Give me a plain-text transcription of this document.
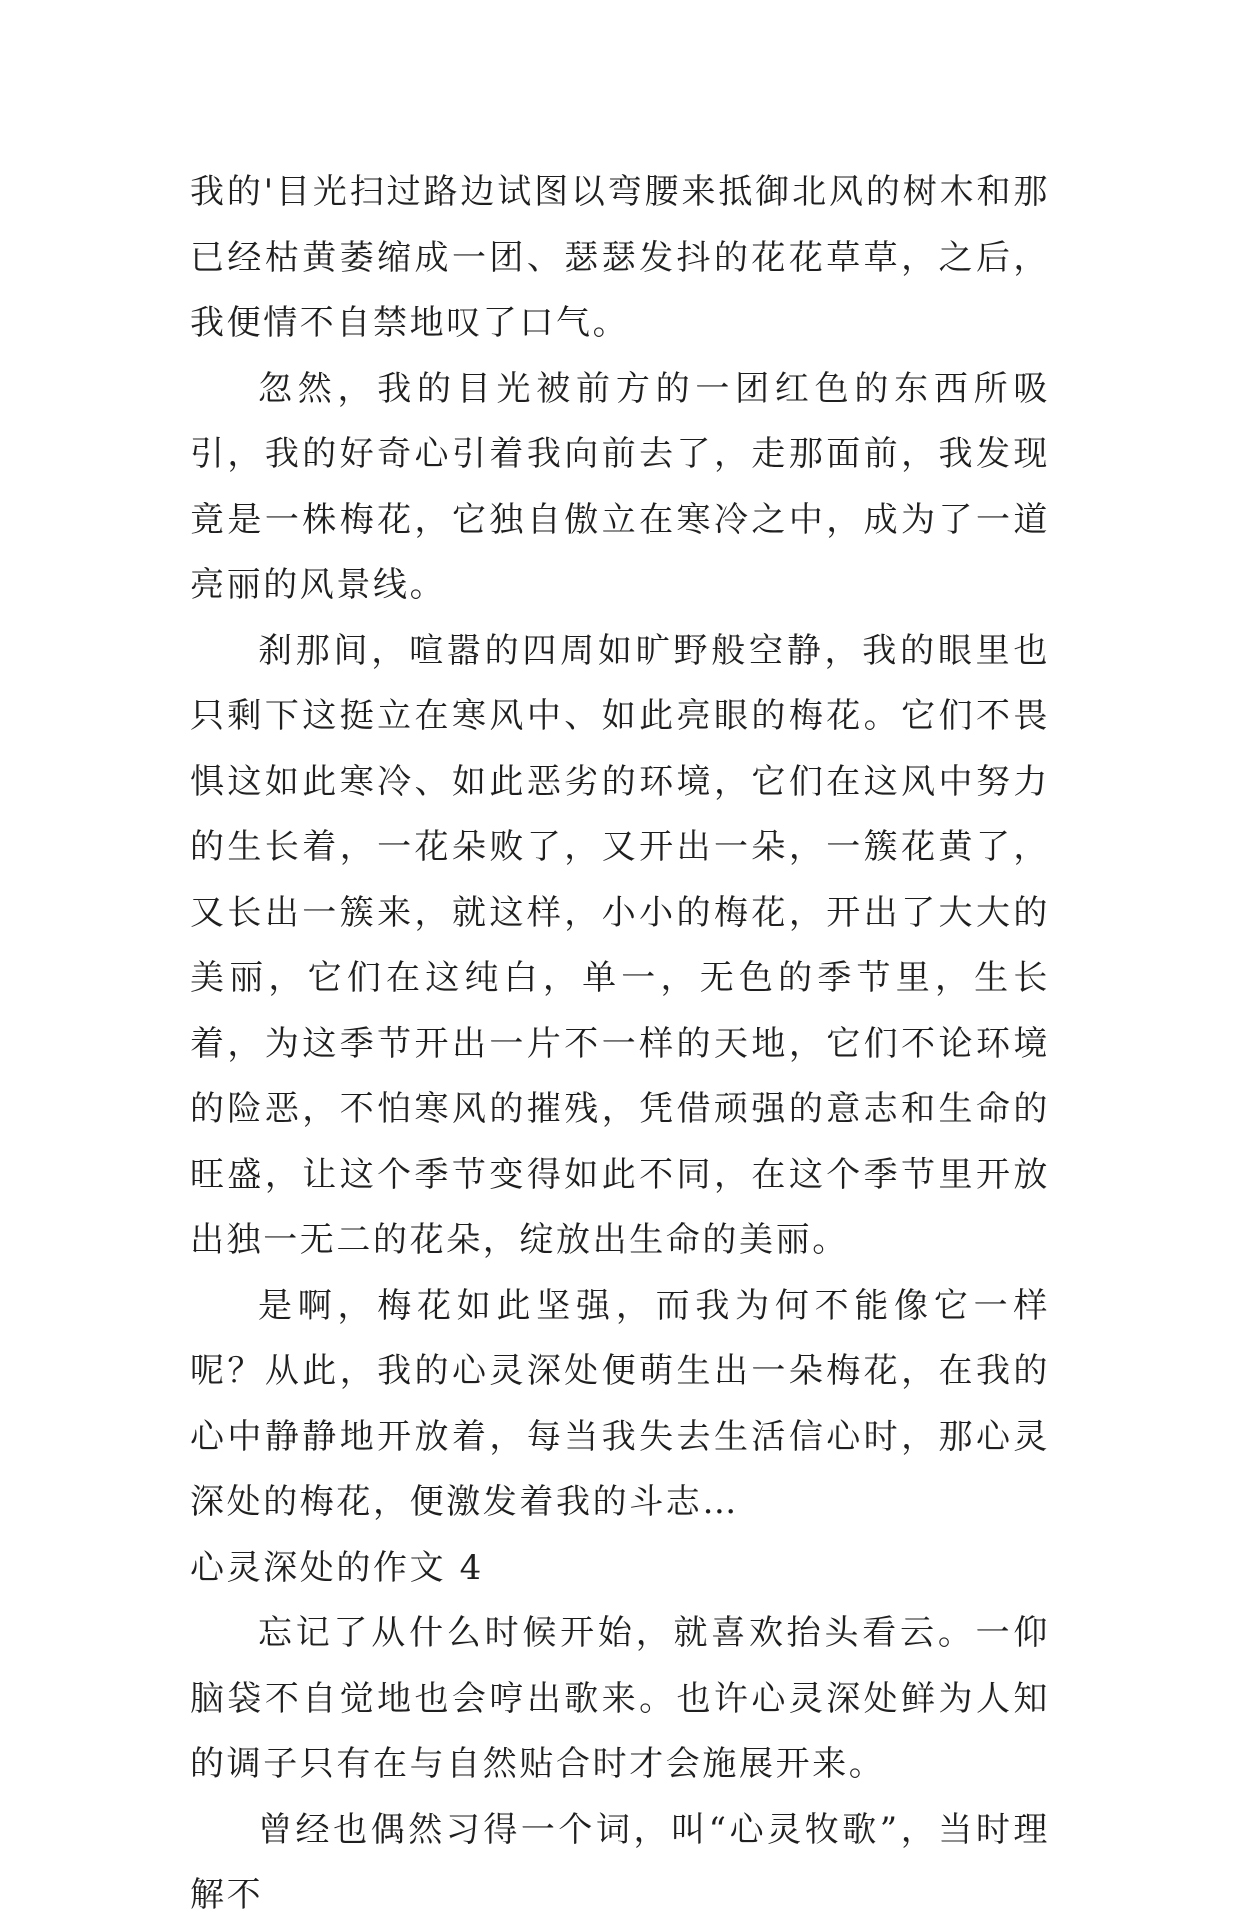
我的'目光扫过路边试图以弯腰来抵御北风的树木和那已经枯黄萎缩成一团、瑟瑟发抖的花花草草，之后，我便情不自禁地叹了口气。

忽然，我的目光被前方的一团红色的东西所吸引，我的好奇心引着我向前去了，走那面前，我发现竟是一株梅花，它独自傲立在寒冷之中，成为了一道亮丽的风景线。

刹那间，喧嚣的四周如旷野般空静，我的眼里也只剩下这挺立在寒风中、如此亮眼的梅花。它们不畏惧这如此寒冷、如此恶劣的环境，它们在这风中努力的生长着，一花朵败了，又开出一朵，一簇花黄了，又长出一簇来，就这样，小小的梅花，开出了大大的美丽，它们在这纯白，单一，无色的季节里，生长着，为这季节开出一片不一样的天地，它们不论环境的险恶，不怕寒风的摧残，凭借顽强的意志和生命的旺盛，让这个季节变得如此不同，在这个季节里开放出独一无二的花朵，绽放出生命的美丽。

是啊，梅花如此坚强，而我为何不能像它一样呢？从此，我的心灵深处便萌生出一朵梅花，在我的心中静静地开放着，每当我失去生活信心时，那心灵深处的梅花，便激发着我的斗志…

心灵深处的作文 4

忘记了从什么时候开始，就喜欢抬头看云。一仰脑袋不自觉地也会哼出歌来。也许心灵深处鲜为人知的调子只有在与自然贴合时才会施展开来。

曾经也偶然习得一个词，叫“心灵牧歌”，当时理解不
